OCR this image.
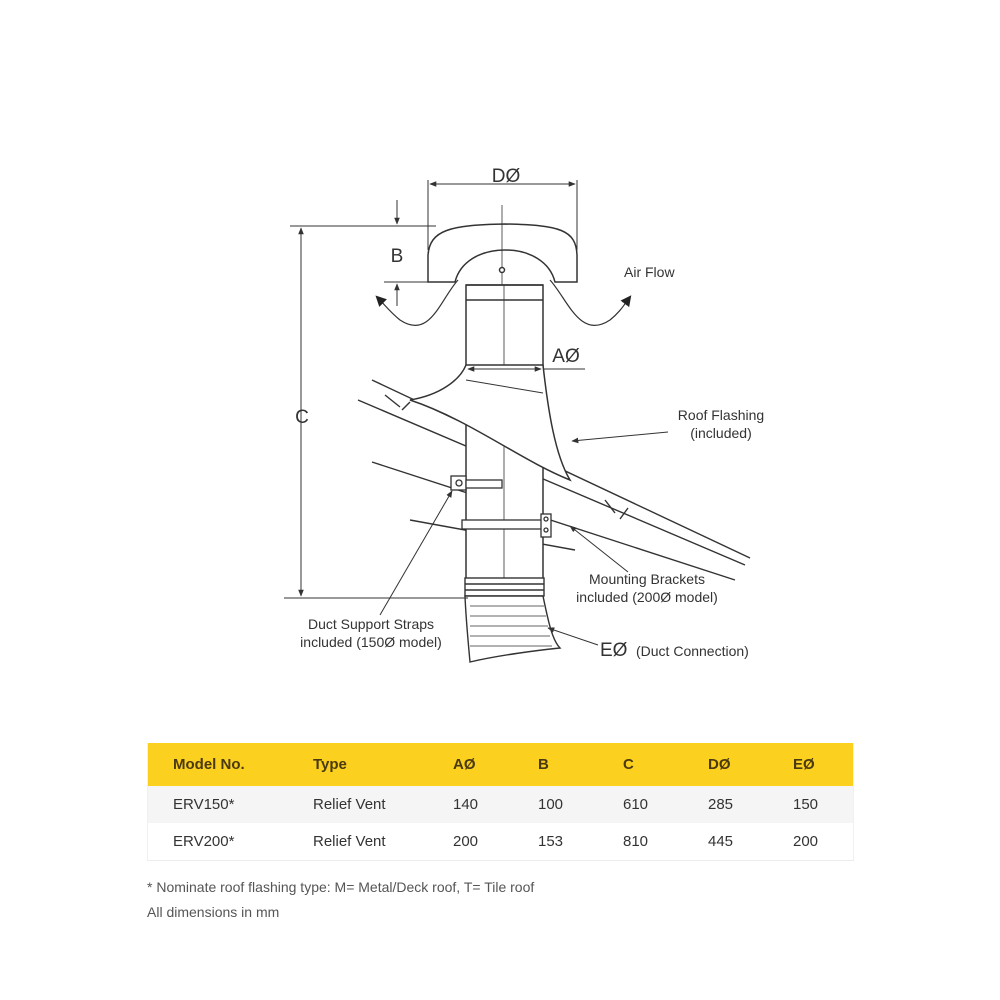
DØ
B
C
AØ
Air Flow
Roof Flashing
(included)
Mounting Brackets
included (200Ø model)
Duct Support Straps
included (150Ø model)	EØ (Duct Connection)
Model No.	Type	AØ	B	C	DØ	EØ
ERV150*	Relief Vent	140	100	610	285	150
ERV200*	Relief Vent	200	153	810	445	200
* Nominate roof flashing type: M= Metal/Deck roof, T= Tile roof
All dimensions in mm
